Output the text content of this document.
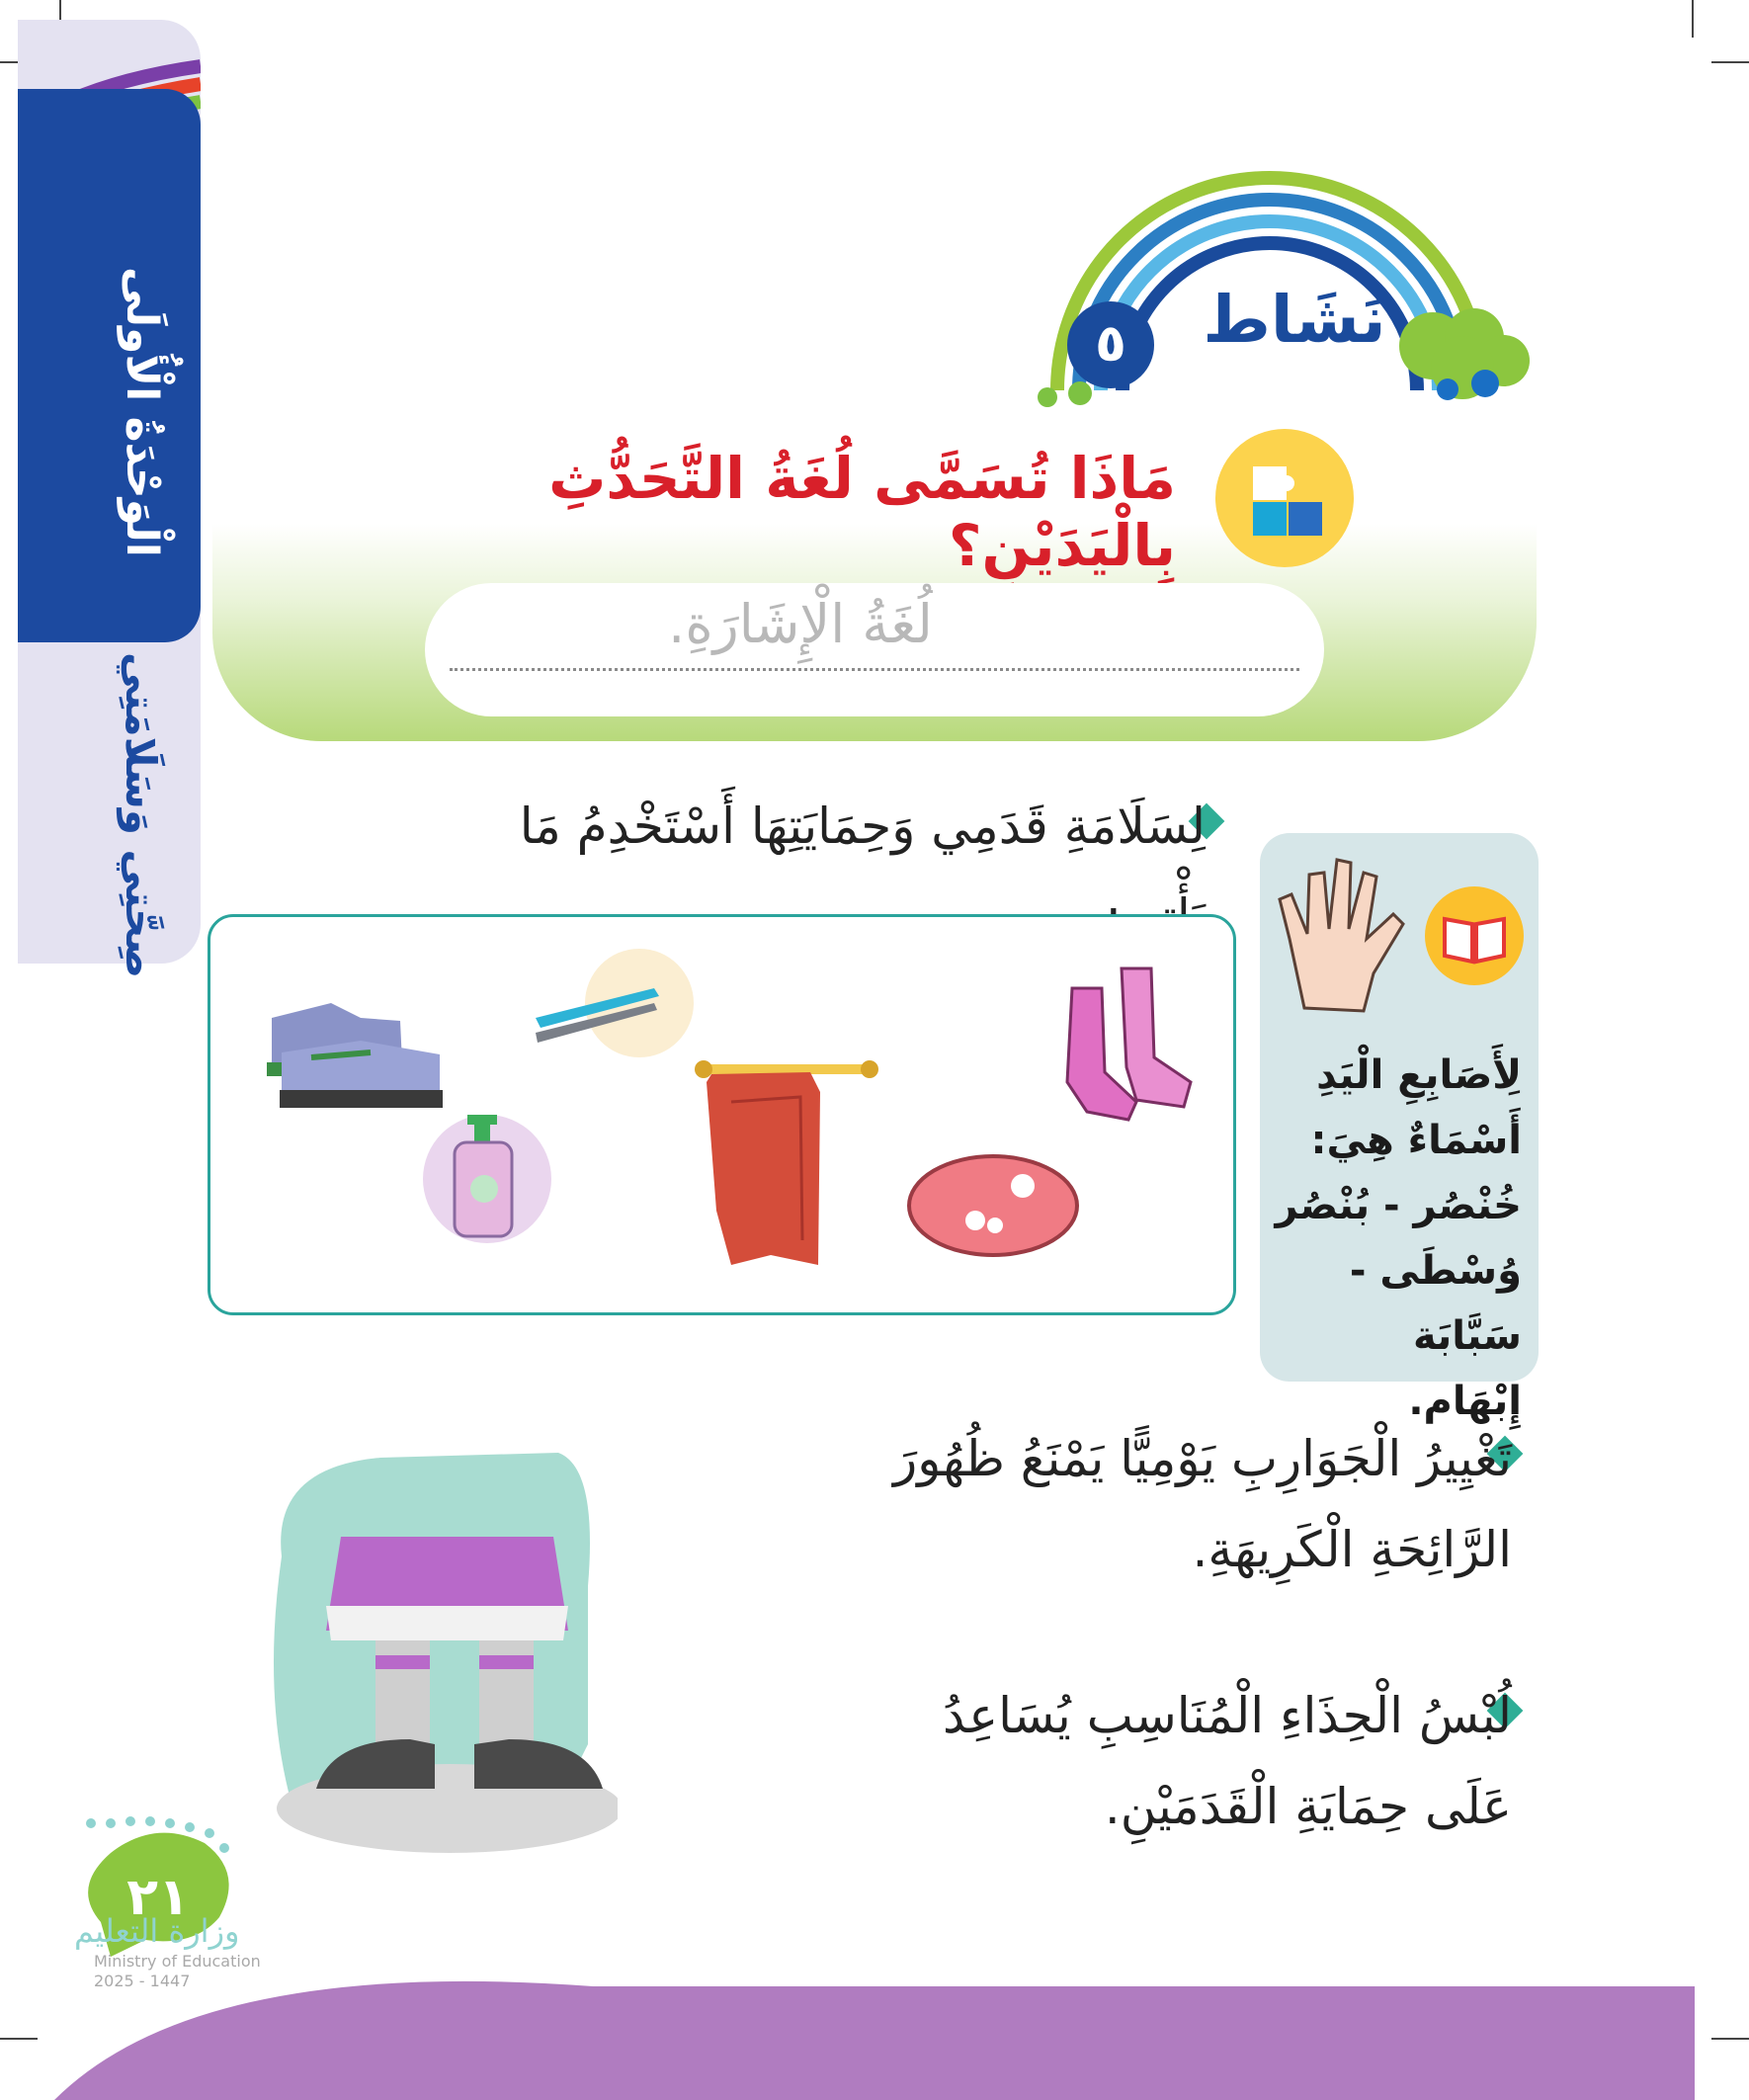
الْوَحْدَةُ الْأُولَى
صِحَّتِي وَسَلَامَتِي
نَشَاط
٥
مَاذَا تُسَمَّى لُغَةُ التَّحَدُّثِ بِالْيَدَيْنِ؟
لُغَةُ الْإِشَارَةِ.
لِسَلَامَةِ قَدَمِي وَحِمَايَتِهَا أَسْتَخْدِمُ مَا
لِأَصَابِعِ الْيَدِ
أَسْمَاءٌ هِيَ:
خُنْصُر - بُنْصُر
وُسْطَى - سَبَّابَة
إِبْهَام.
تَغْيِيرُ الْجَوَارِبِ يَوْمِيًّا يَمْنَعُ ظُهُورَ الرَّائِحَةِ الْكَرِيهَةِ.
لُبْسُ الْحِذَاءِ الْمُنَاسِبِ يُسَاعِدُ عَلَى حِمَايَةِ الْقَدَمَيْنِ.
٢١
وزارة التعليم
Ministry of Education
2025 - 1447
